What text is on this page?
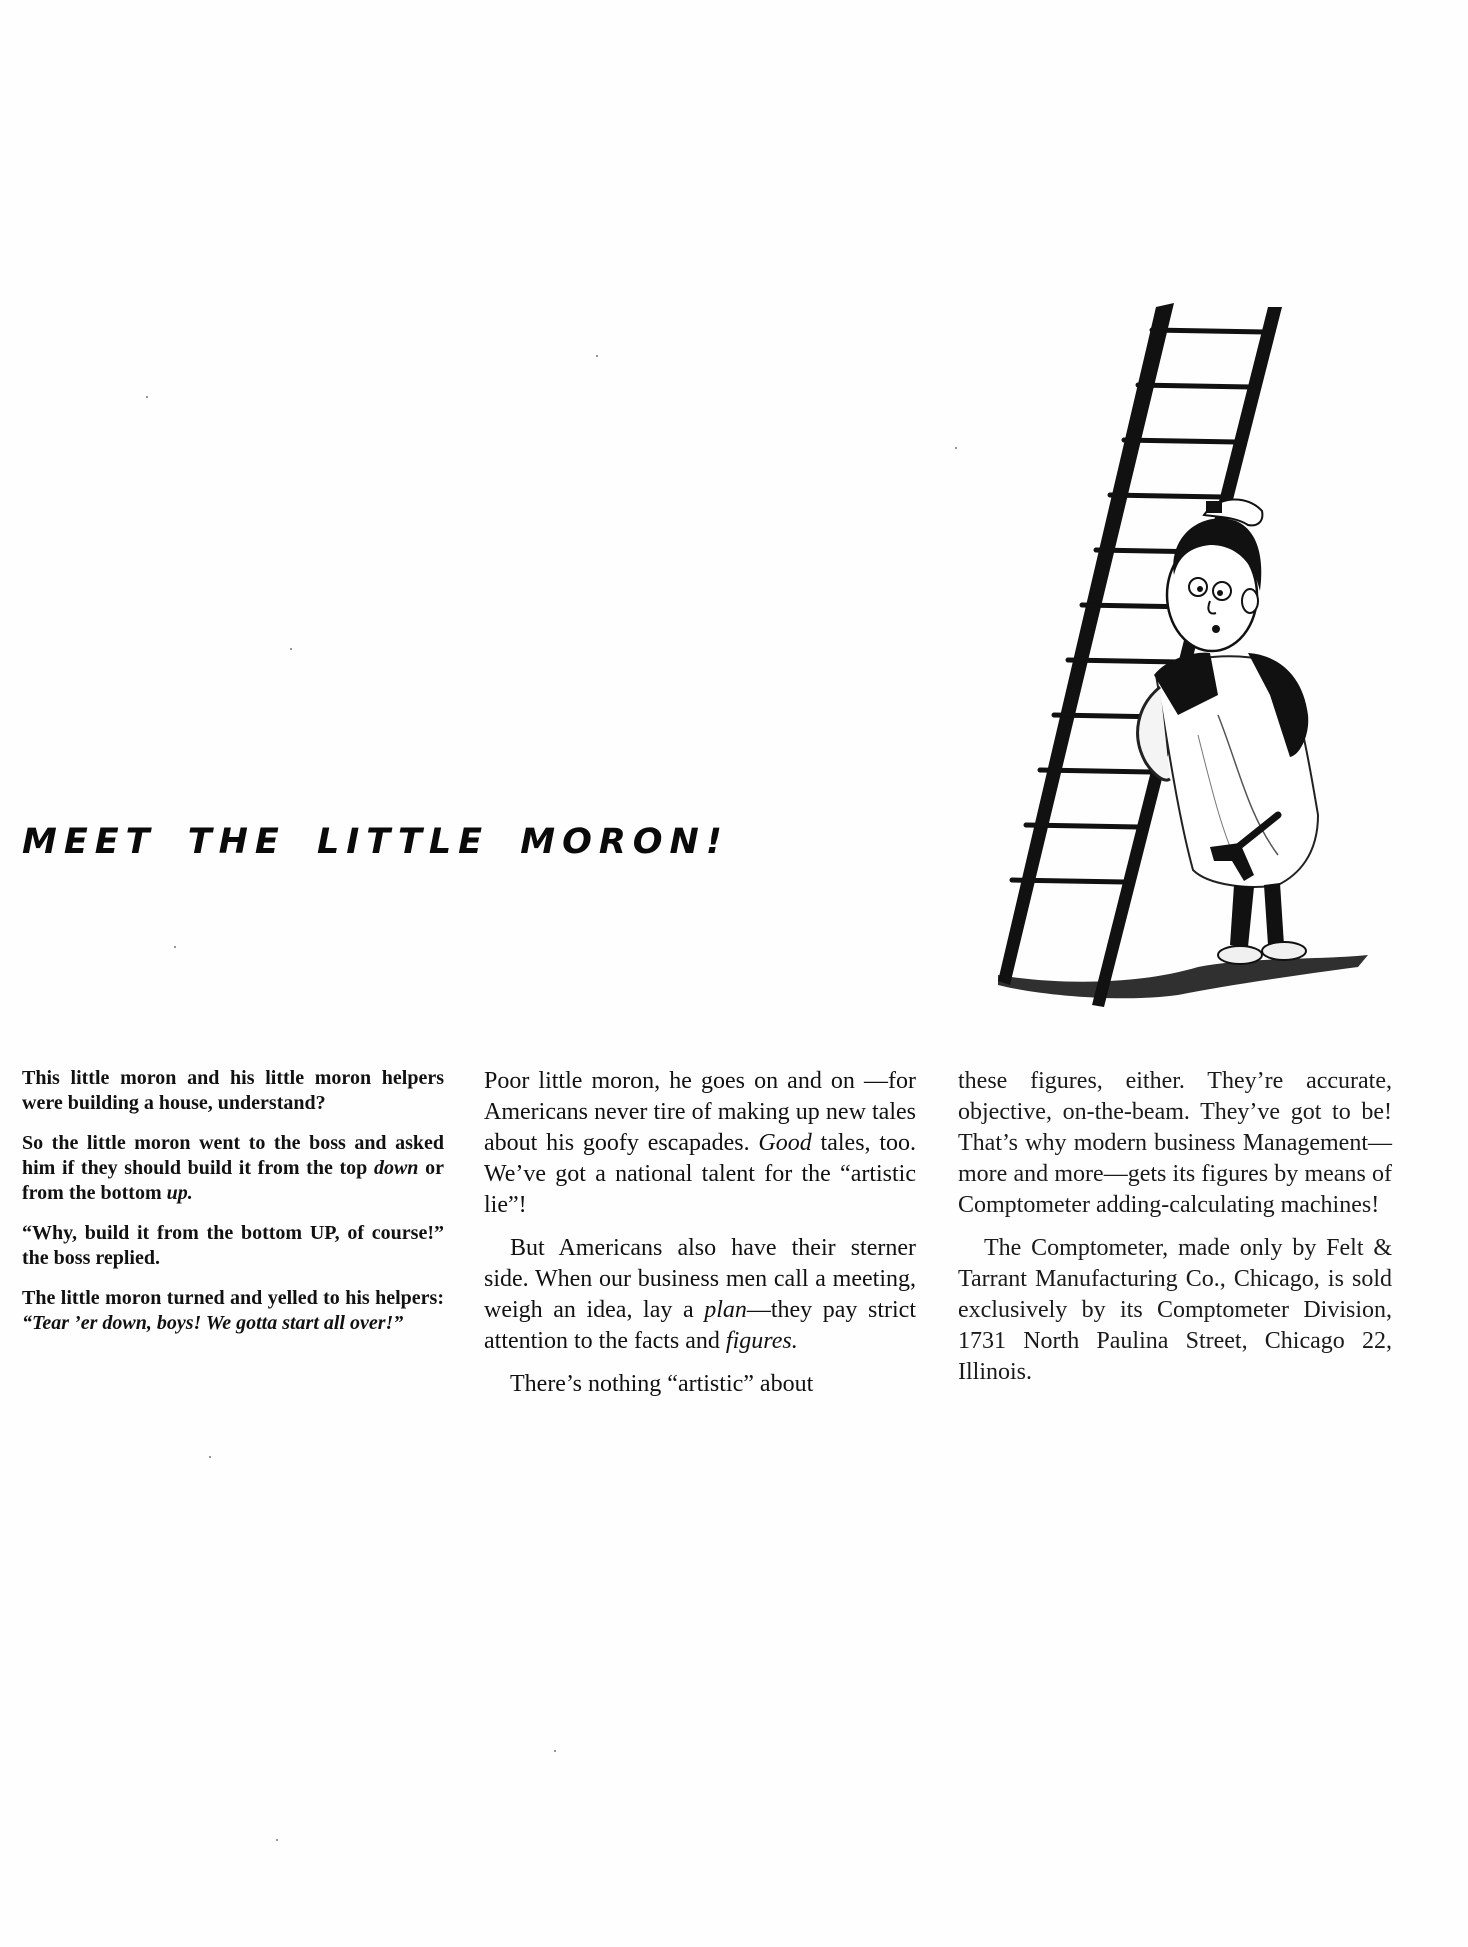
MEET THE LITTLE MORON!

This little moron and his little moron helpers were building a house, understand?

So the little moron went to the boss and asked him if they should build it from the top down or from the bottom up.

“Why, build it from the bottom UP, of course!” the boss replied.

The little moron turned and yelled to his helpers: “Tear ’er down, boys! We gotta start all over!”

Poor little moron, he goes on and on —for Americans never tire of making up new tales about his goofy escapades. Good tales, too. We’ve got a national talent for the “artistic lie”!

But Americans also have their sterner side. When our business men call a meeting, weigh an idea, lay a plan—they pay strict attention to the facts and figures.

There’s nothing “artistic” about

these figures, either. They’re accurate, objective, on-the-beam. They’ve got to be! That’s why modern business Management—more and more—gets its figures by means of Comptometer adding-calculating machines!

The Comptometer, made only by Felt & Tarrant Manufacturing Co., Chicago, is sold exclusively by its Comptometer Division, 1731 North Paulina Street, Chicago 22, Illinois.
